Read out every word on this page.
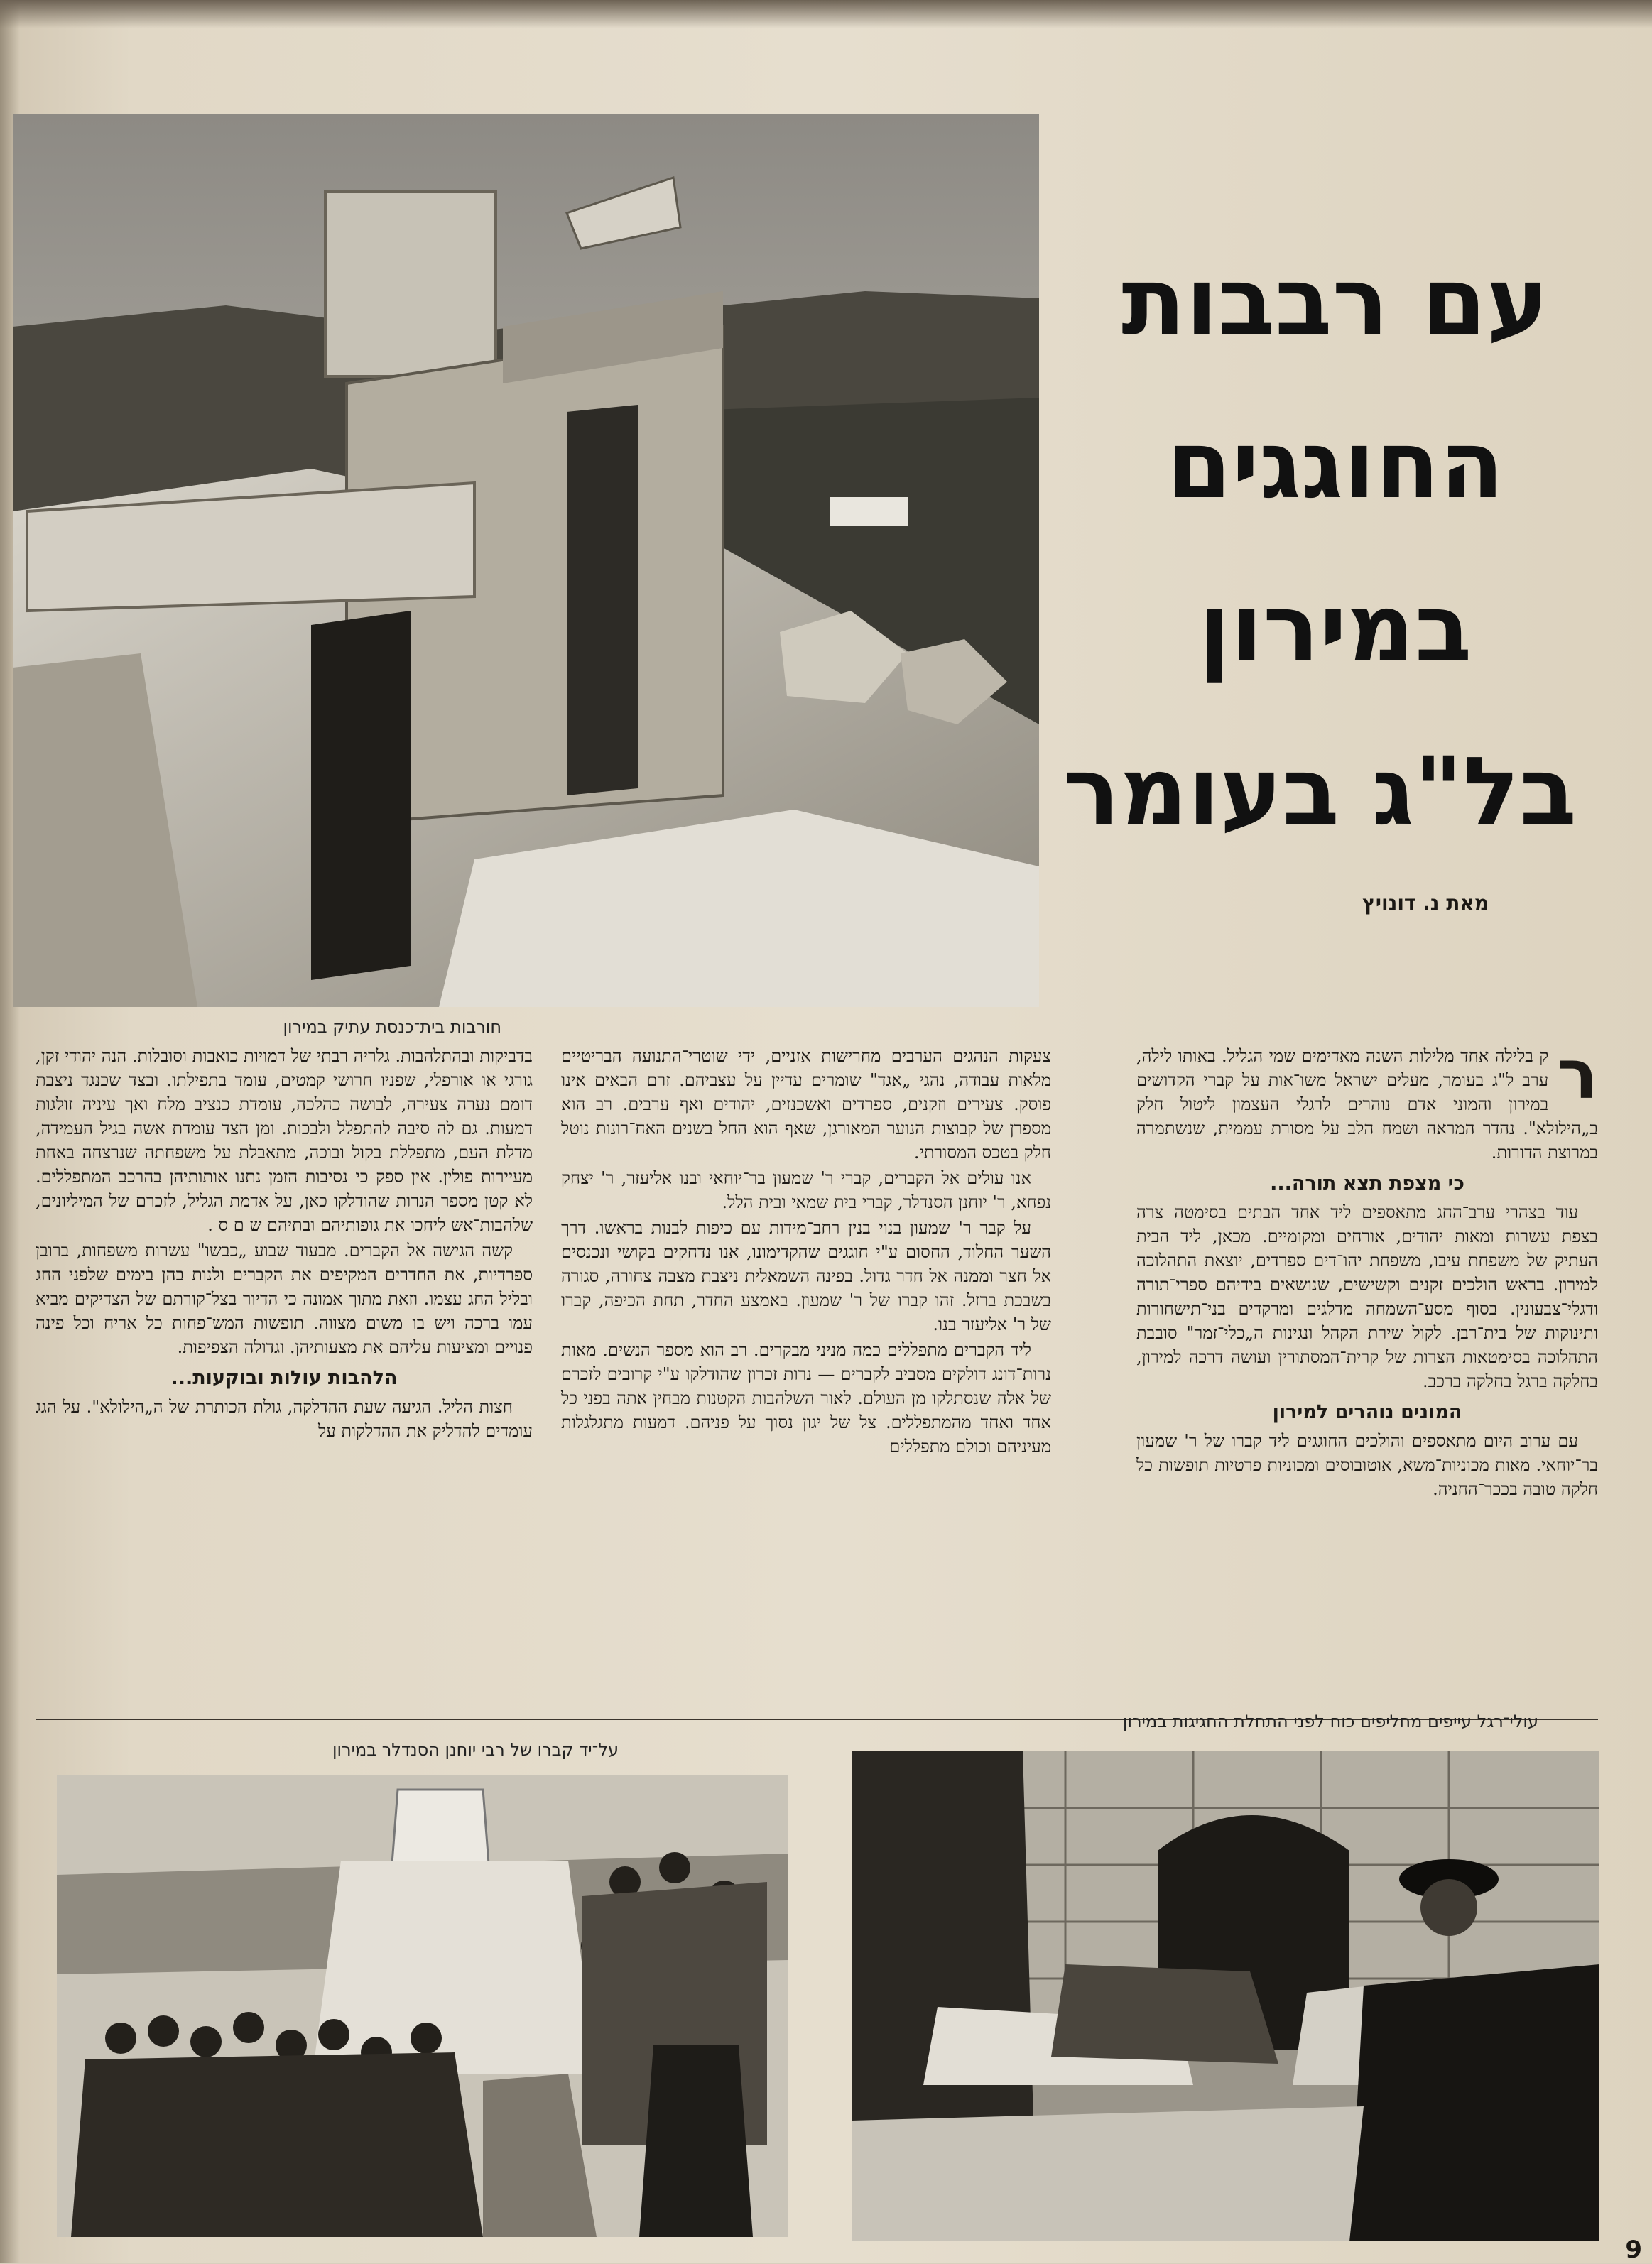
עם רבבות
החוגגים
במירון
בל"ג בעומר
מאת נ. דונויץ
חורבות בית־כנסת עתיק במירון
ר

ק בלילה אחד מלילות השנה מאדימים שמי הגליל. באותו לילה, ערב ל"ג בעומר, מעלים ישראל משו־אות על קברי הקדושים במירון והמוני אדם נוהרים לרגלי העצמון ליטול חלק ב„הילולא". נהדר המראה ושמח הלב על מסורת עממית, שנשתמרה במרוצת הדורות.

כי מצפת תצא תורה...

עוד בצהרי ערב־החג מתאספים ליד אחד הבתים בסימטה צרה בצפת עשרות ומאות יהודים, אורחים ומקומיים. מכאן, ליד הבית העתיק של משפחת עיבו, משפחת יהו־דים ספרדים, יוצאת התהלוכה למירון. בראש הולכים זקנים וקשישים, שנושאים בידיהם ספרי־תורה ודגלי־צבעונין. בסוף מסע־השמחה מדלגים ומרקדים בני־תישחורות ותינוקות של בית־רבן. לקול שירת הקהל ונגינות ה„כלי־זמר" סובבת התהלוכה בסימטאות הצרות של קרית־המסתורין ועושה דרכה למירון, בחלקה ברגל בחלקה ברכב.

המונים נוהרים למירון

עם ערוב היום מתאספים והולכים החוגגים ליד קברו של ר' שמעון בר־יוחאי. מאות מכוניות־משא, אוטובוסים ומכוניות פרטיות תופשות כל חלקה טובה בככר־החניה.

צעקות הנהגים הערבים מחרישות אזניים, ידי שוטרי־התנועה הבריטיים מלאות עבודה, נהגי „אגד" שומרים עדיין על עצביהם. זרם הבאים אינו פוסק. צעירים וזקנים, ספרדים ואשכנזים, יהודים ואף ערבים. רב הוא מספרן של קבוצות הנוער המאורגן, שאף הוא החל בשנים האח־רונות נוטל חלק בטכס המסורתי.

אנו עולים אל הקברים, קברי ר' שמעון בר־יוחאי ובנו אליעזר, ר' יצחק נפחא, ר' יוחנן הסנדלר, קברי בית שמאי ובית הלל.

על קבר ר' שמעון בנוי בנין רחב־מידות עם כיפות לבנות בראשו. דרך השער החלוד, החסום ע"י חוגגים שהקדימונו, אנו נדחקים בקושי ונכנסים אל חצר וממנה אל חדר גדול. בפינה השמאלית ניצבת מצבה צחורה, סגורה בשבכת ברזל. זהו קברו של ר' שמעון. באמצע החדר, תחת הכיפה, קברו של ר' אליעזר בנו.

ליד הקברים מתפללים כמה מניני מבקרים. רב הוא מספר הנשים. מאות נרות־דונג דולקים מסביב לקברים — נרות זכרון שהודלקו ע"י קרובים לזכרם של אלה שנסתלקו מן העולם. לאור השלהבות הקטנות מבחין אתה בפני כל אחד ואחד מהמתפללים. צל של יגון נסוך על פניהם. דמעות מתגלגלות מעיניהם וכולם מתפללים

בדביקות ובהתלהבות. גלריה רבתי של דמויות כואבות וסובלות. הנה יהודי זקן, גורגי או אורפלי, שפניו חרושי קמטים, עומד בתפילתו. ובצד שכנגד ניצבת דומם נערה צעירה, לבושה כהלכה, עומדת כנציב מלח ואך עיניה זולגות דמעות. גם לה סיבה להתפלל ולבכות. ומן הצד עומדת אשה בגיל העמידה, מדלת העם, מתפללת בקול ובוכה, מתאבלת על משפחתה שנרצחה באחת מעיירות פולין. אין ספק כי נסיבות הזמן נתנו אותותיהן בהרכב המתפללים. לא קטן מספר הנרות שהודלקו כאן, על אדמת הגליל, לזכרם של המיליונים, שלהבות־אש ליחכו את גופותיהם ובתיהם ש ם ס .

קשה הגישה אל הקברים. מבעוד שבוע „כבשו" עשרות משפחות, ברובן ספרדיות, את החדרים המקיפים את הקברים ולנות בהן בימים שלפני החג ובליל החג עצמו. וזאת מתוך אמונה כי הדיור בצל־קורתם של הצדיקים מביא עמו ברכה ויש בו משום מצווה. תופשות המש־פחות כל אריח וכל פינה פנויים ומציעות עליהם את מצעותיהן. וגדולה הצפיפות.

הלהבות עולות ובוקעות...

חצות הליל. הגיעה שעת ההדלקה, גולת הכותרת של ה„הילולא". על הגג עומדים להדליק את ההדלקות על

עולי־רגל עייפים מחליפים כוח לפני התחלת החגיגות במירון
על־יד קברו של רבי יוחנן הסנדלר במירון
9
